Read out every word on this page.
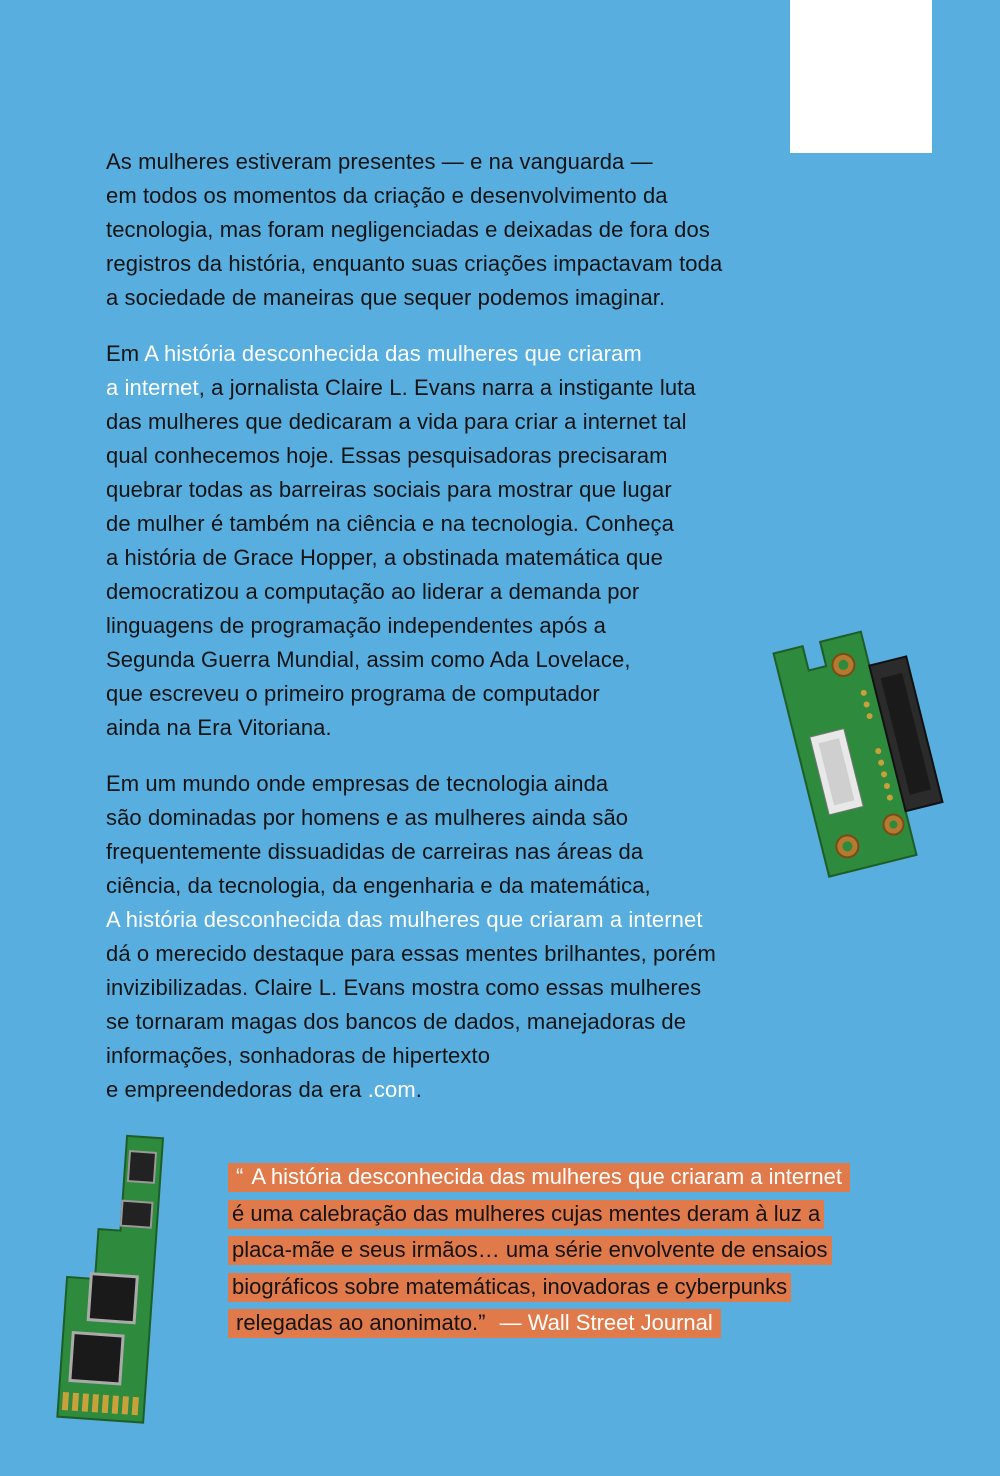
As mulheres estiveram presentes — e na vanguarda —
em todos os momentos da criação e desenvolvimento da
tecnologia, mas foram negligenciadas e deixadas de fora dos
registros da história, enquanto suas criações impactavam toda
a sociedade de maneiras que sequer podemos imaginar.

Em A história desconhecida das mulheres que criaram
a internet, a jornalista Claire L. Evans narra a instigante luta
das mulheres que dedicaram a vida para criar a internet tal
qual conhecemos hoje. Essas pesquisadoras precisaram
quebrar todas as barreiras sociais para mostrar que lugar
de mulher é também na ciência e na tecnologia. Conheça
a história de Grace Hopper, a obstinada matemática que
democratizou a computação ao liderar a demanda por
linguagens de programação independentes após a
Segunda Guerra Mundial, assim como Ada Lovelace,
que escreveu o primeiro programa de computador
ainda na Era Vitoriana.

Em um mundo onde empresas de tecnologia ainda
são dominadas por homens e as mulheres ainda são
frequentemente dissuadidas de carreiras nas áreas da
ciência, da tecnologia, da engenharia e da matemática,
A história desconhecida das mulheres que criaram a internet
dá o merecido destaque para essas mentes brilhantes, porém
invizibilizadas. Claire L. Evans mostra como essas mulheres
se tornaram magas dos bancos de dados, manejadoras de
informações, sonhadoras de hipertexto
e empreendedoras da era .com.

“ A história desconhecida das mulheres que criaram a internet
é uma calebração das mulheres cujas mentes deram à luz a
placa-mãe e seus irmãos… uma série envolvente de ensaios
biográficos sobre matemáticas, inovadoras e cyberpunks
relegadas ao anonimato.” — Wall Street Journal
